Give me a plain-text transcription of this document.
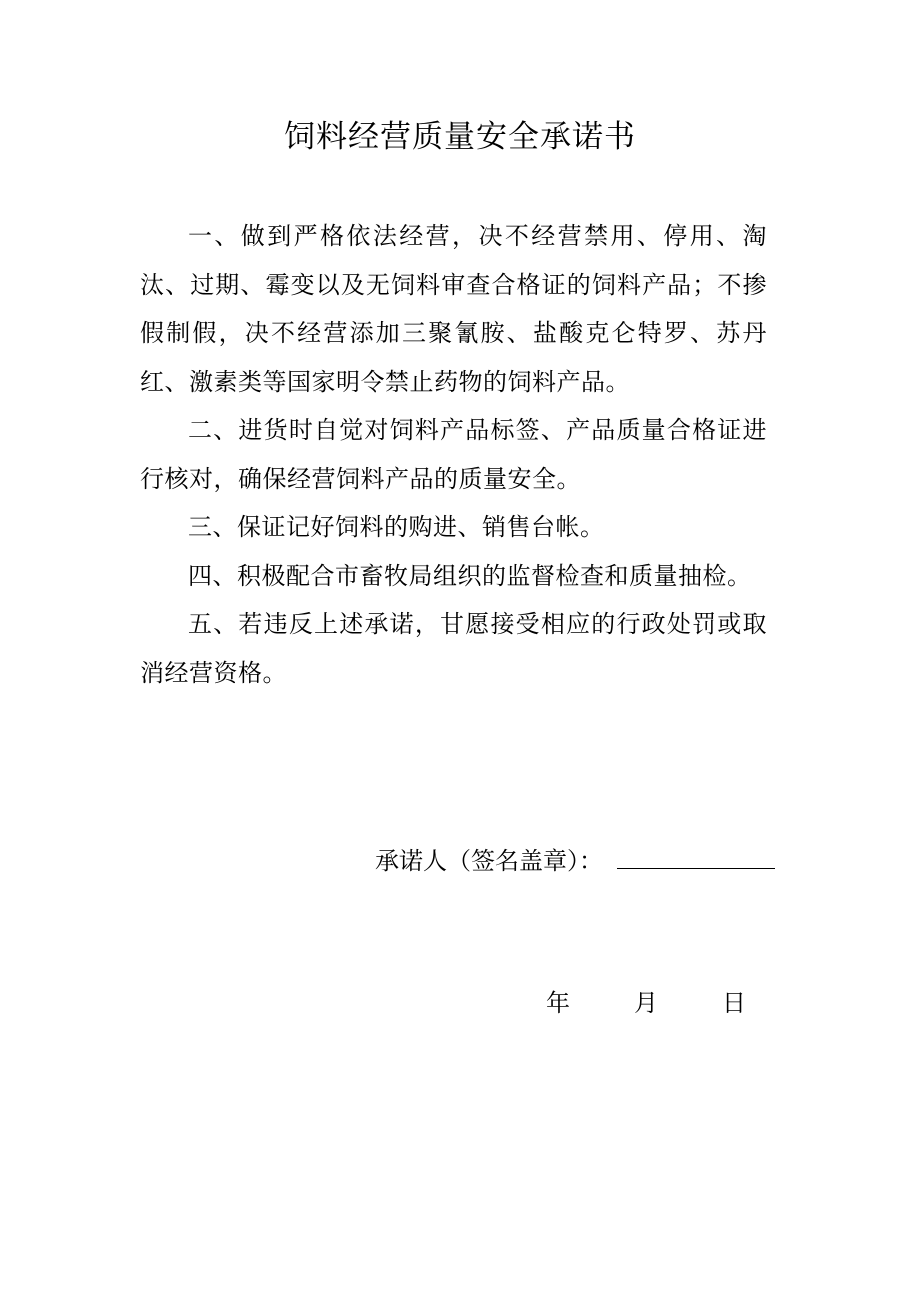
饲料经营质量安全承诺书

一、做到严格依法经营，决不经营禁用、停用、淘汰、过期、霉变以及无饲料审查合格证的饲料产品；不掺假制假，决不经营添加三聚氰胺、盐酸克仑特罗、苏丹红、激素类等国家明令禁止药物的饲料产品。

二、进货时自觉对饲料产品标签、产品质量合格证进行核对，确保经营饲料产品的质量安全。

三、保证记好饲料的购进、销售台帐。

四、积极配合市畜牧局组织的监督检查和质量抽检。

五、若违反上述承诺，甘愿接受相应的行政处罚或取消经营资格。

承诺人（签名盖章）：
年	月	日
